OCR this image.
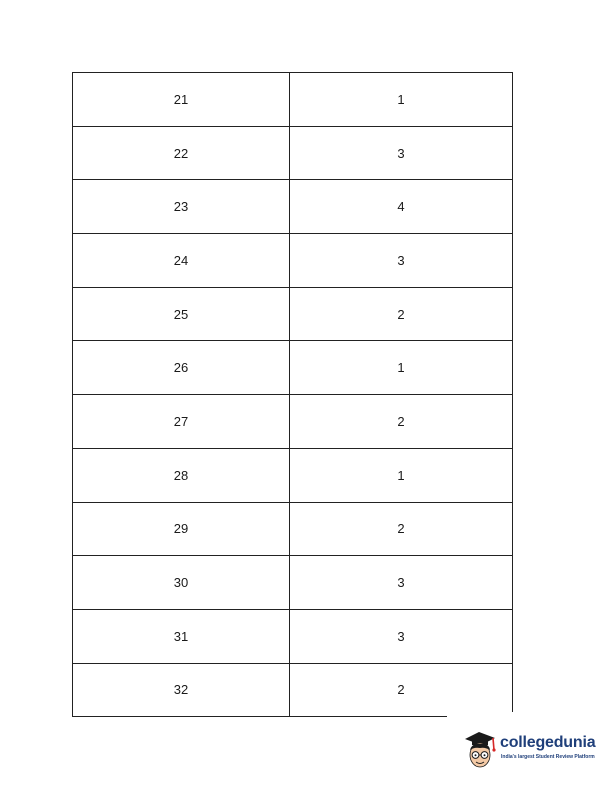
21	1
22	3
23	4
24	3
25	2
26	1
27	2
28	1
29	2
30	3
31	3
32	2
collegedunia
India's largest Student Review Platform
